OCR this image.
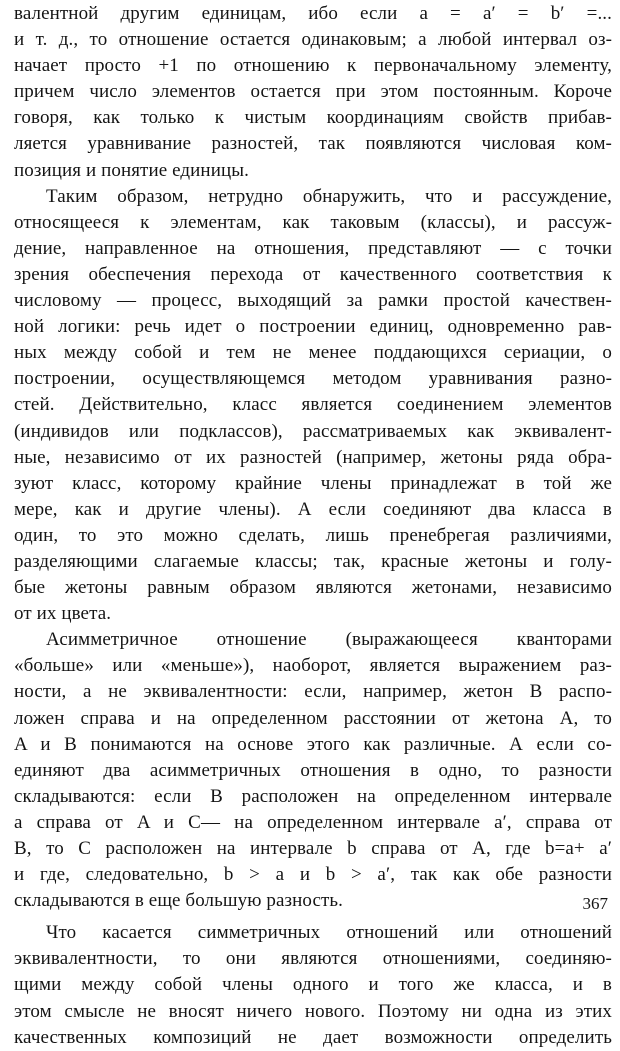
валентной другим единицам, ибо если a = a′ = b′ =...
и т. д., то отношение остается одинаковым; а любой интервал оз-
начает просто +1 по отношению к первоначальному элементу,
причем число элементов остается при этом постоянным. Короче
говоря, как только к чистым координациям свойств прибав-
ляется уравнивание разностей, так появляются числовая ком-
позиция и понятие единицы.
Таким образом, нетрудно обнаружить, что и рассуждение,
относящееся к элементам, как таковым (классы), и рассуж-
дение, направленное на отношения, представляют — с точки
зрения обеспечения перехода от качественного соответствия к
числовому — процесс, выходящий за рамки простой качествен-
ной логики: речь идет о построении единиц, одновременно рав-
ных между собой и тем не менее поддающихся сериации, о
построении, осуществляющемся методом уравнивания разно-
стей. Действительно, класс является соединением элементов
(индивидов или подклассов), рассматриваемых как эквивалент-
ные, независимо от их разностей (например, жетоны ряда обра-
зуют класс, которому крайние члены принадлежат в той же
мере, как и другие члены). А если соединяют два класса в
один, то это можно сделать, лишь пренебрегая различиями,
разделяющими слагаемые классы; так, красные жетоны и голу-
бые жетоны равным образом являются жетонами, независимо
от их цвета.
Асимметричное отношение (выражающееся кванторами
«больше» или «меньше»), наоборот, является выражением раз-
ности, а не эквивалентности: если, например, жетон B распо-
ложен справа и на определенном расстоянии от жетона A, то
A и B понимаются на основе этого как различные. А если со-
единяют два асимметричных отношения в одно, то разности
складываются: если B расположен на определенном интервале
a справа от A и C— на определенном интервале a′, справа от
B, то C расположен на интервале b справа от A, где b=a+ a′
и где, следовательно, b > a и b > a′, так как обе разности
складываются в еще большую разность.
Что касается симметричных отношений или отношений
эквивалентности, то они являются отношениями, соединяю-
щими между собой члены одного и того же класса, и в
этом смысле не вносят ничего нового. Поэтому ни одна из этих
качественных композиций не дает возможности определить
367
